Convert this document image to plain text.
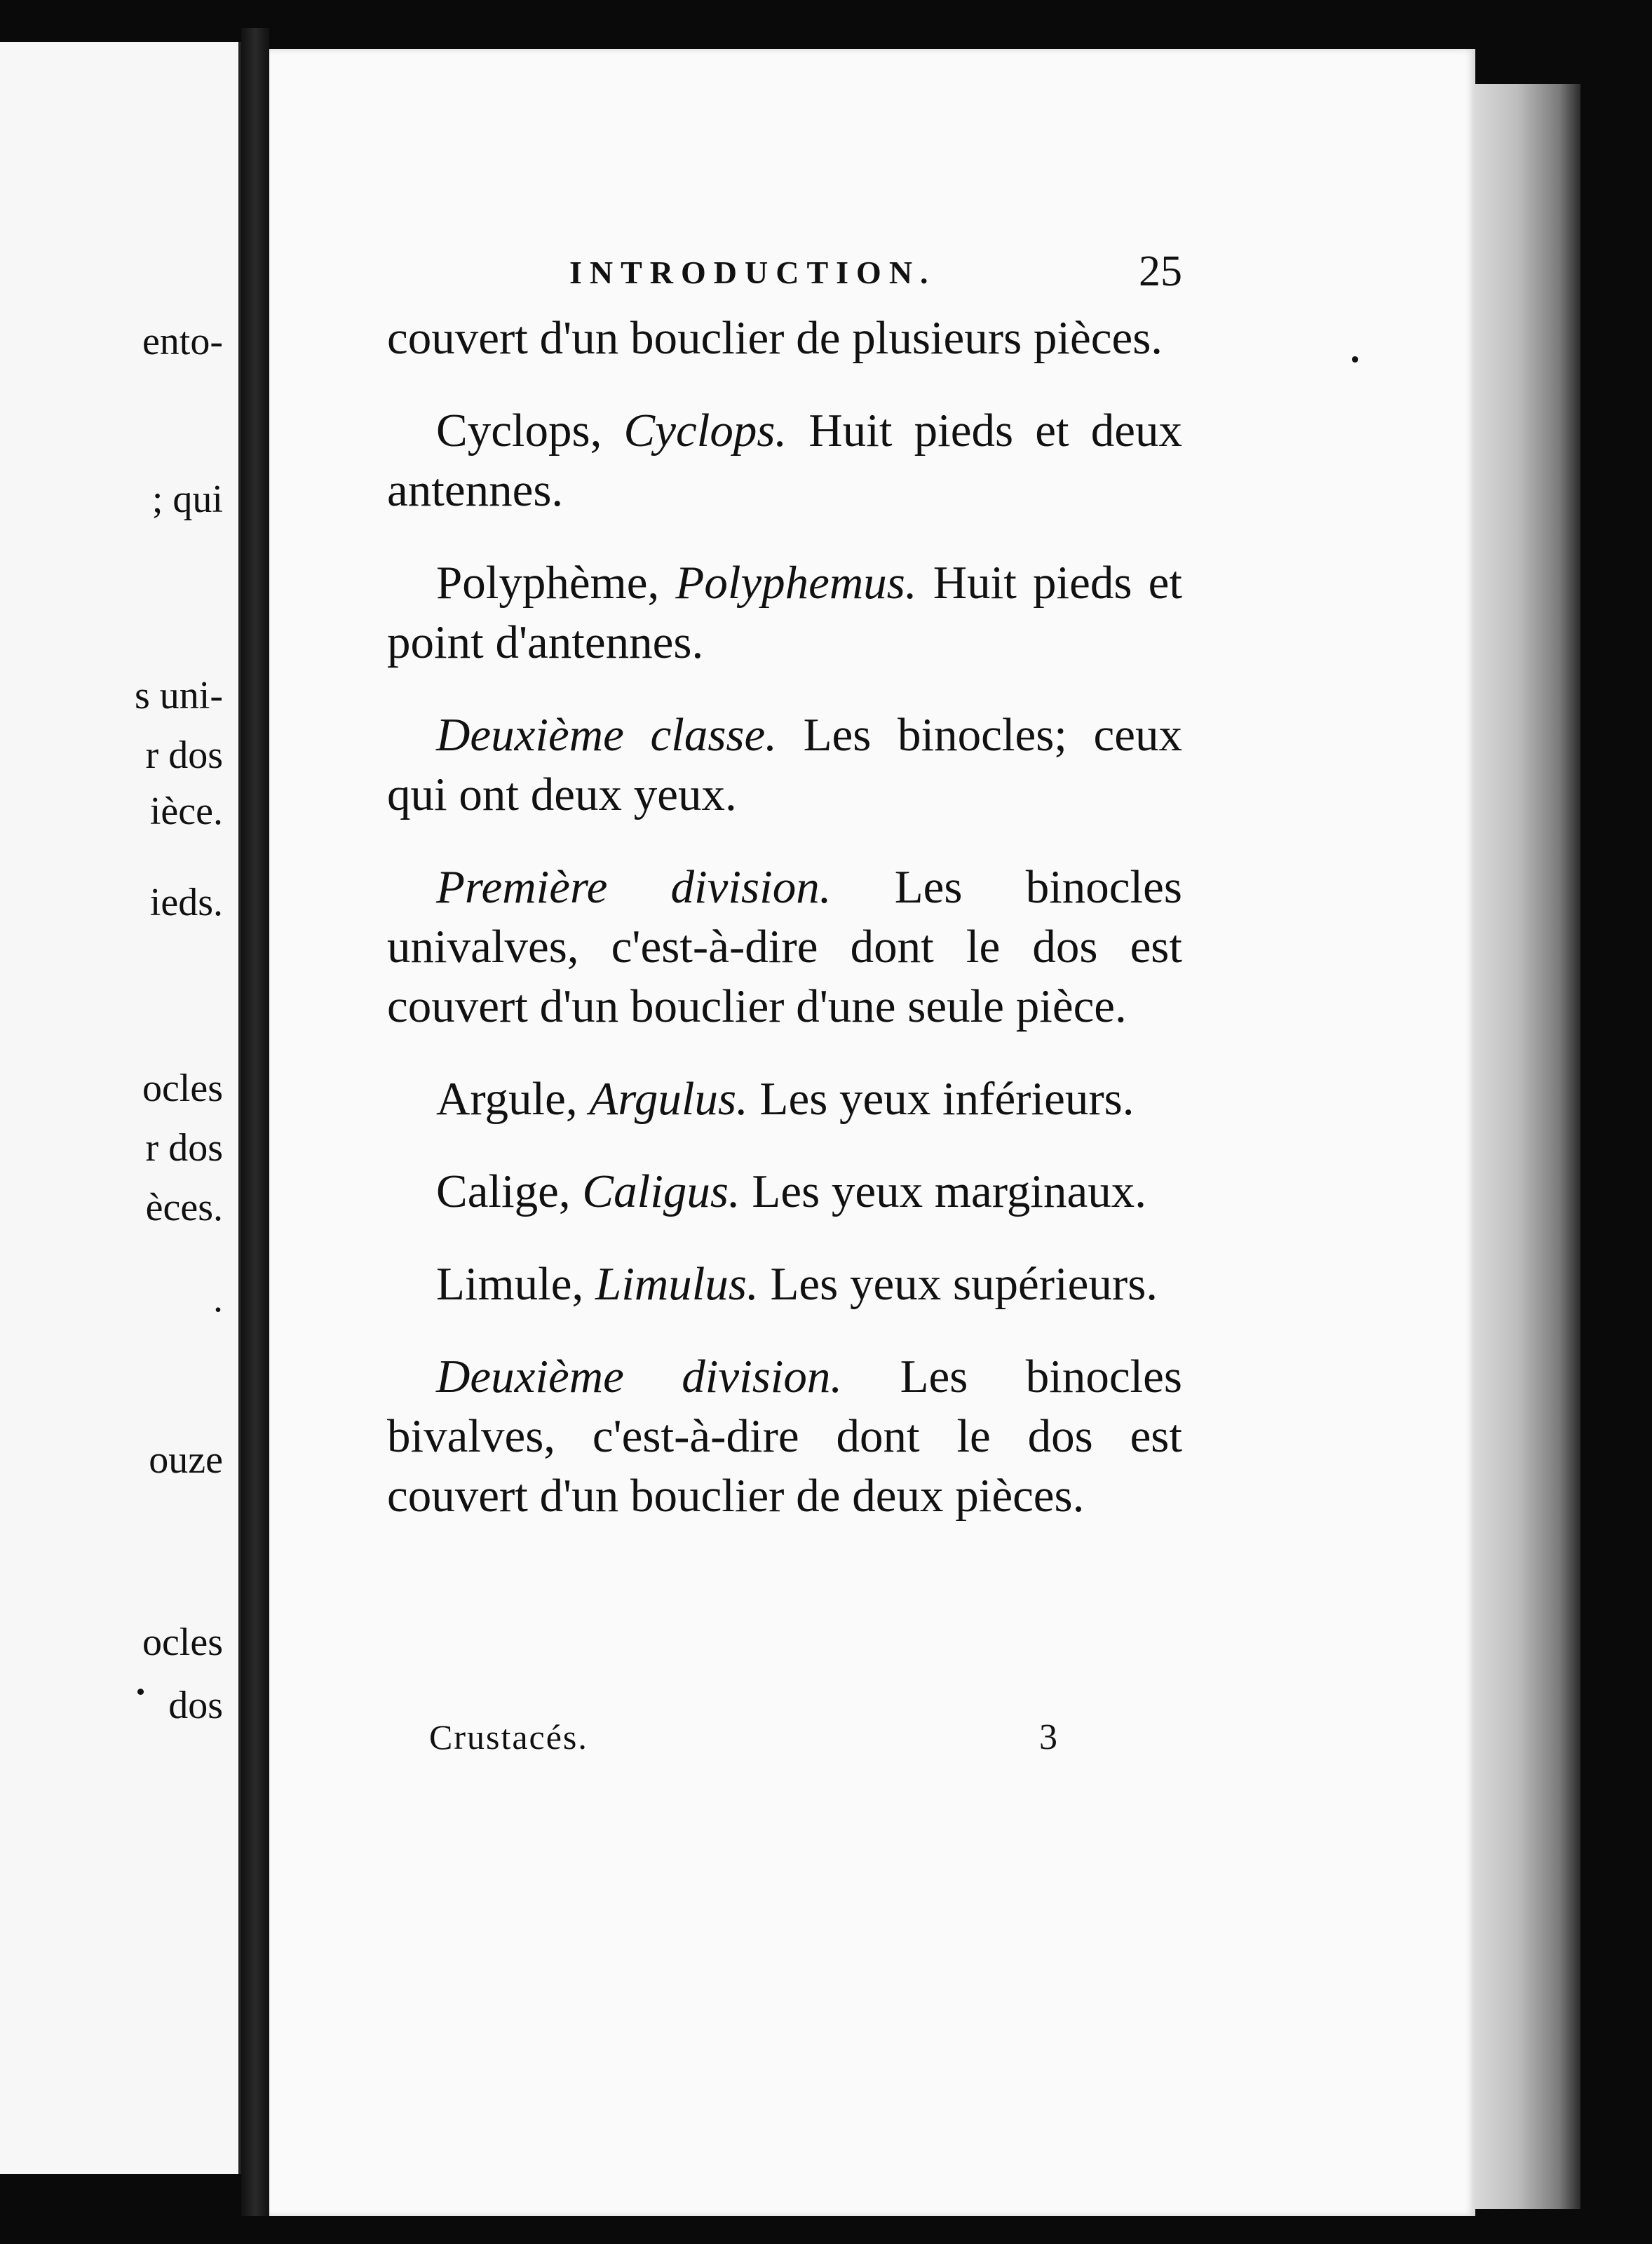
ento-
; qui
s uni-
r dos
ièce.
ieds.
ocles
r dos
èces.
.
ouze
ocles
dos
INTRODUCTION.	25

couvert d'un bouclier de plusieurs pièces.

Cyclops, Cyclops. Huit pieds et deux antennes.

Polyphème, Polyphemus. Huit pieds et point d'antennes.

Deuxième classe. Les binocles; ceux qui ont deux yeux.

Première division. Les binocles univalves, c'est-à-dire dont le dos est couvert d'un bouclier d'une seule pièce.

Argule, Argulus. Les yeux inférieurs.

Calige, Caligus. Les yeux marginaux.

Limule, Limulus. Les yeux supérieurs.

Deuxième division. Les binocles bivalves, c'est-à-dire dont le dos est couvert d'un bouclier de deux pièces.

Crustacés.	3
